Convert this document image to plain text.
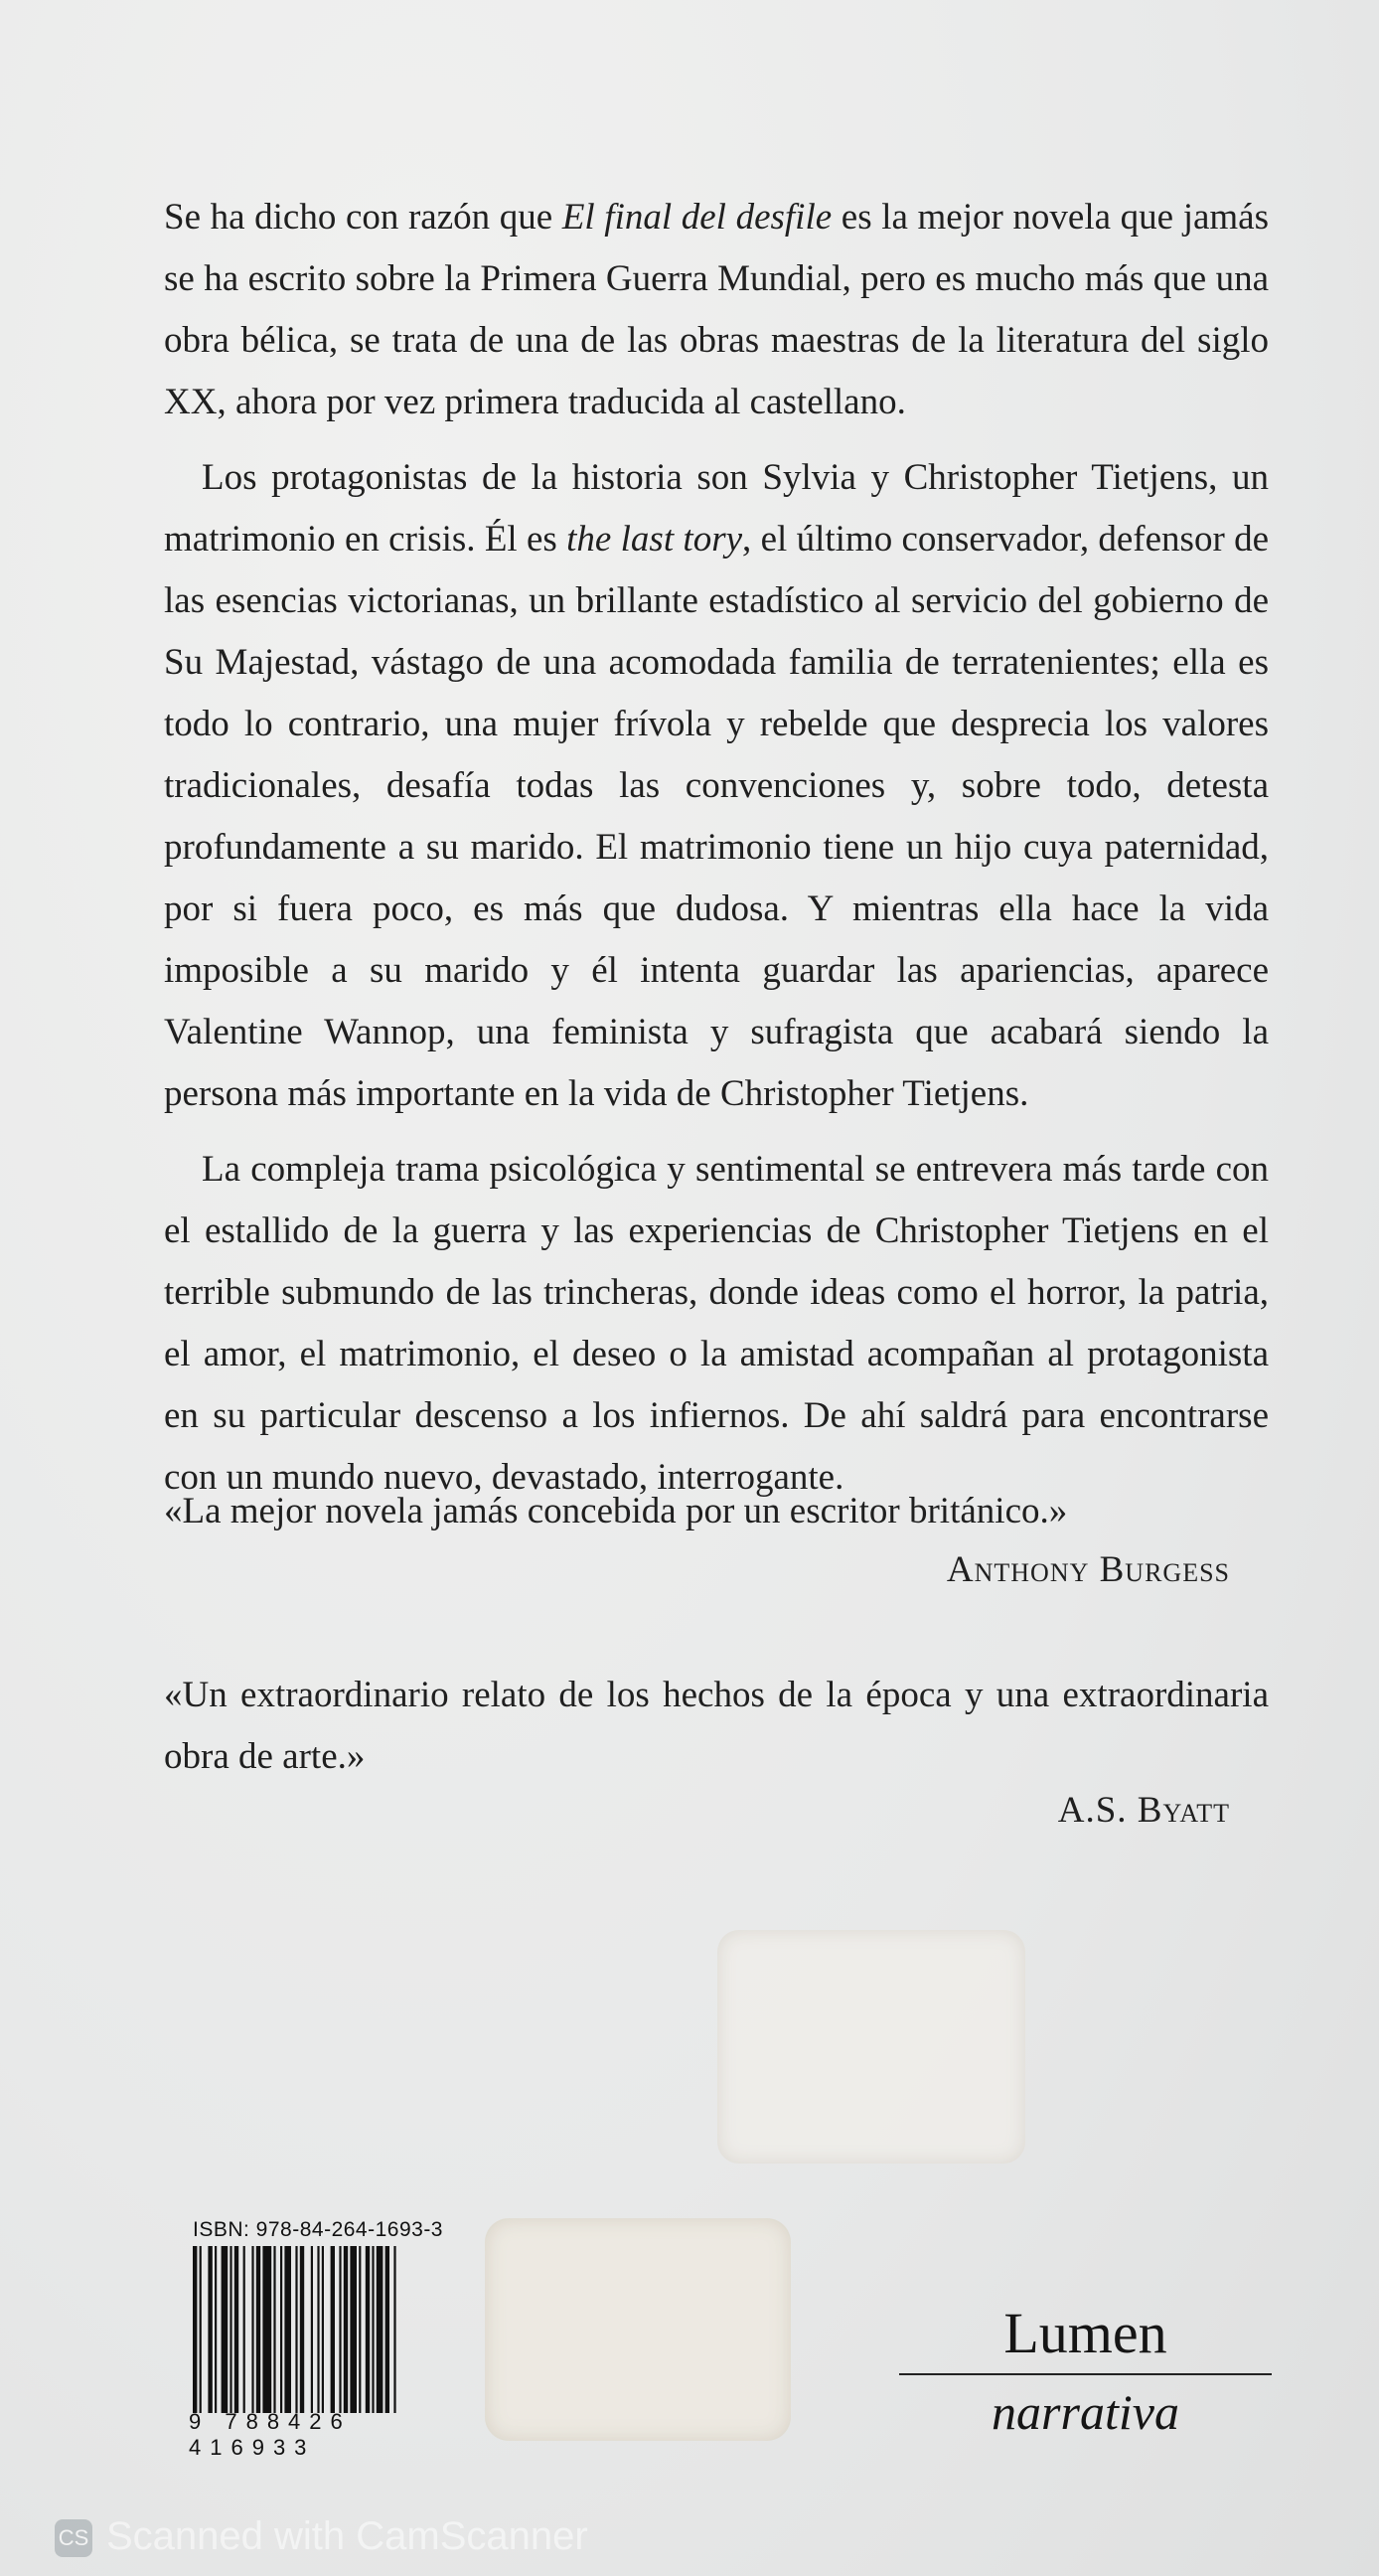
Se ha dicho con razón que El final del desfile es la mejor novela que jamás se ha escrito sobre la Primera Guerra Mundial, pero es mucho más que una obra bélica, se trata de una de las obras maestras de la literatura del siglo XX, ahora por vez primera traducida al castellano.

Los protagonistas de la historia son Sylvia y Christopher Tietjens, un matrimonio en crisis. Él es the last tory, el último conservador, defensor de las esencias victorianas, un brillante estadístico al servicio del gobierno de Su Majestad, vástago de una acomodada familia de terratenientes; ella es todo lo contrario, una mujer frívola y rebelde que desprecia los valores tradicionales, desafía todas las convenciones y, sobre todo, detesta profundamente a su marido. El matrimonio tiene un hijo cuya paternidad, por si fuera poco, es más que dudosa. Y mientras ella hace la vida imposible a su marido y él intenta guardar las apariencias, aparece Valentine Wannop, una feminista y sufragista que acabará siendo la persona más importante en la vida de Christopher Tietjens.

La compleja trama psicológica y sentimental se entrevera más tarde con el estallido de la guerra y las experiencias de Christopher Tietjens en el terrible submundo de las trincheras, donde ideas como el horror, la patria, el amor, el matrimonio, el deseo o la amistad acompañan al protagonista en su particular descenso a los infiernos. De ahí saldrá para encontrarse con un mundo nuevo, devastado, interrogante.

«La mejor novela jamás concebida por un escritor británico.»
Anthony Burgess
«Un extraordinario relato de los hechos de la época y una extraordinaria obra de arte.»
A.S. Byatt
ISBN: 978-84-264-1693-3
9 788426 416933
Lumen
narrativa
CS Scanned with CamScanner
